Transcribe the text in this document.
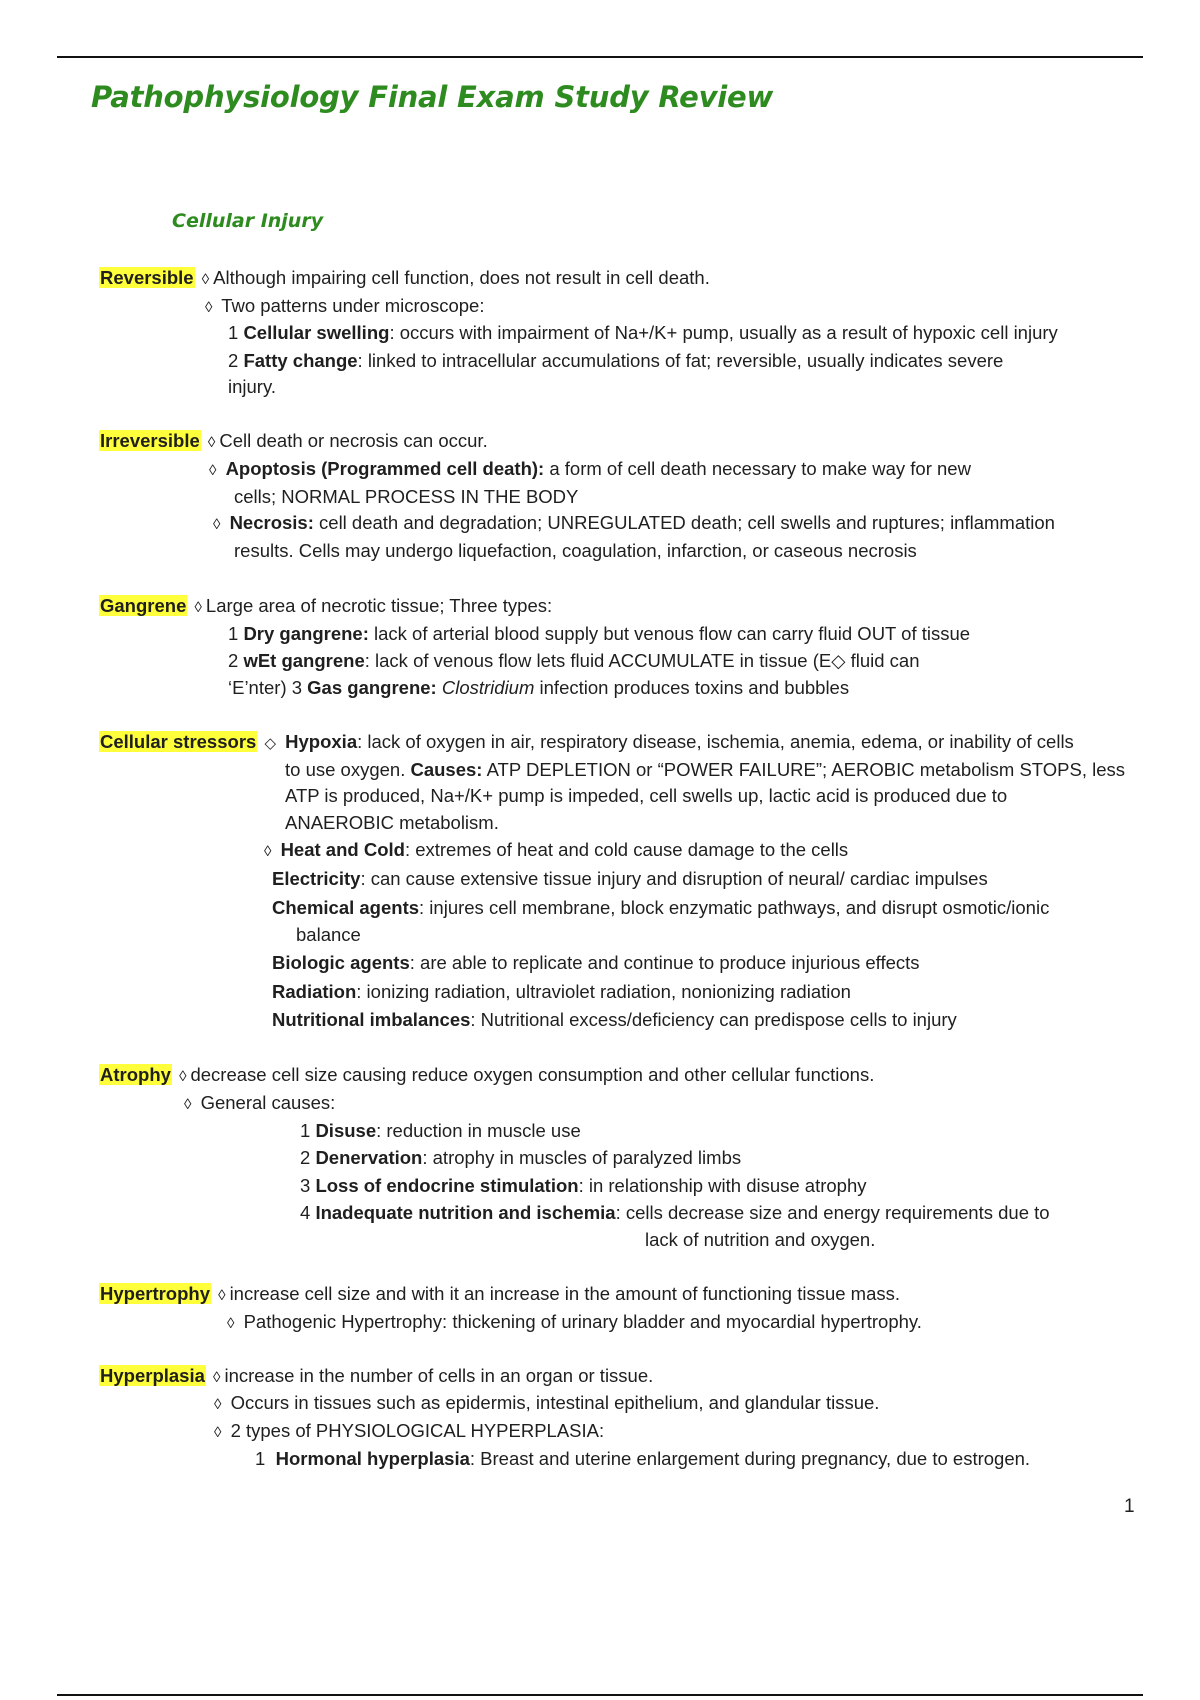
Pathophysiology Final Exam Study Review
Cellular Injury
Reversible ◊ Although impairing cell function, does not result in cell death.
◊ Two patterns under microscope:
1 Cellular swelling: occurs with impairment of Na+/K+ pump, usually as a result of hypoxic cell injury
2 Fatty change: linked to intracellular accumulations of fat; reversible, usually indicates severe
injury.
Irreversible ◊ Cell death or necrosis can occur.
◊ Apoptosis (Programmed cell death): a form of cell death necessary to make way for new
cells; NORMAL PROCESS IN THE BODY
◊ Necrosis: cell death and degradation; UNREGULATED death; cell swells and ruptures; inflammation
results. Cells may undergo liquefaction, coagulation, infarction, or caseous necrosis
Gangrene ◊ Large area of necrotic tissue; Three types:
1 Dry gangrene: lack of arterial blood supply but venous flow can carry fluid OUT of tissue
2 wEt gangrene: lack of venous flow lets fluid ACCUMULATE in tissue (E◇ fluid can
‘E’nter) 3 Gas gangrene: Clostridium infection produces toxins and bubbles
Cellular stressors ◇ Hypoxia: lack of oxygen in air, respiratory disease, ischemia, anemia, edema, or inability of cells
to use oxygen. Causes: ATP DEPLETION or “POWER FAILURE”; AEROBIC metabolism STOPS, less
ATP is produced, Na+/K+ pump is impeded, cell swells up, lactic acid is produced due to
ANAEROBIC metabolism.
◊ Heat and Cold: extremes of heat and cold cause damage to the cells
Electricity: can cause extensive tissue injury and disruption of neural/ cardiac impulses
Chemical agents: injures cell membrane, block enzymatic pathways, and disrupt osmotic/ionic
balance
Biologic agents: are able to replicate and continue to produce injurious effects
Radiation: ionizing radiation, ultraviolet radiation, nonionizing radiation
Nutritional imbalances: Nutritional excess/deficiency can predispose cells to injury
Atrophy ◊ decrease cell size causing reduce oxygen consumption and other cellular functions.
◊ General causes:
1 Disuse: reduction in muscle use
2 Denervation: atrophy in muscles of paralyzed limbs
3 Loss of endocrine stimulation: in relationship with disuse atrophy
4 Inadequate nutrition and ischemia: cells decrease size and energy requirements due to
lack of nutrition and oxygen.
Hypertrophy ◊ increase cell size and with it an increase in the amount of functioning tissue mass.
◊ Pathogenic Hypertrophy: thickening of urinary bladder and myocardial hypertrophy.
Hyperplasia ◊ increase in the number of cells in an organ or tissue.
◊ Occurs in tissues such as epidermis, intestinal epithelium, and glandular tissue.
◊ 2 types of PHYSIOLOGICAL HYPERPLASIA:
1 Hormonal hyperplasia: Breast and uterine enlargement during pregnancy, due to estrogen.
1
